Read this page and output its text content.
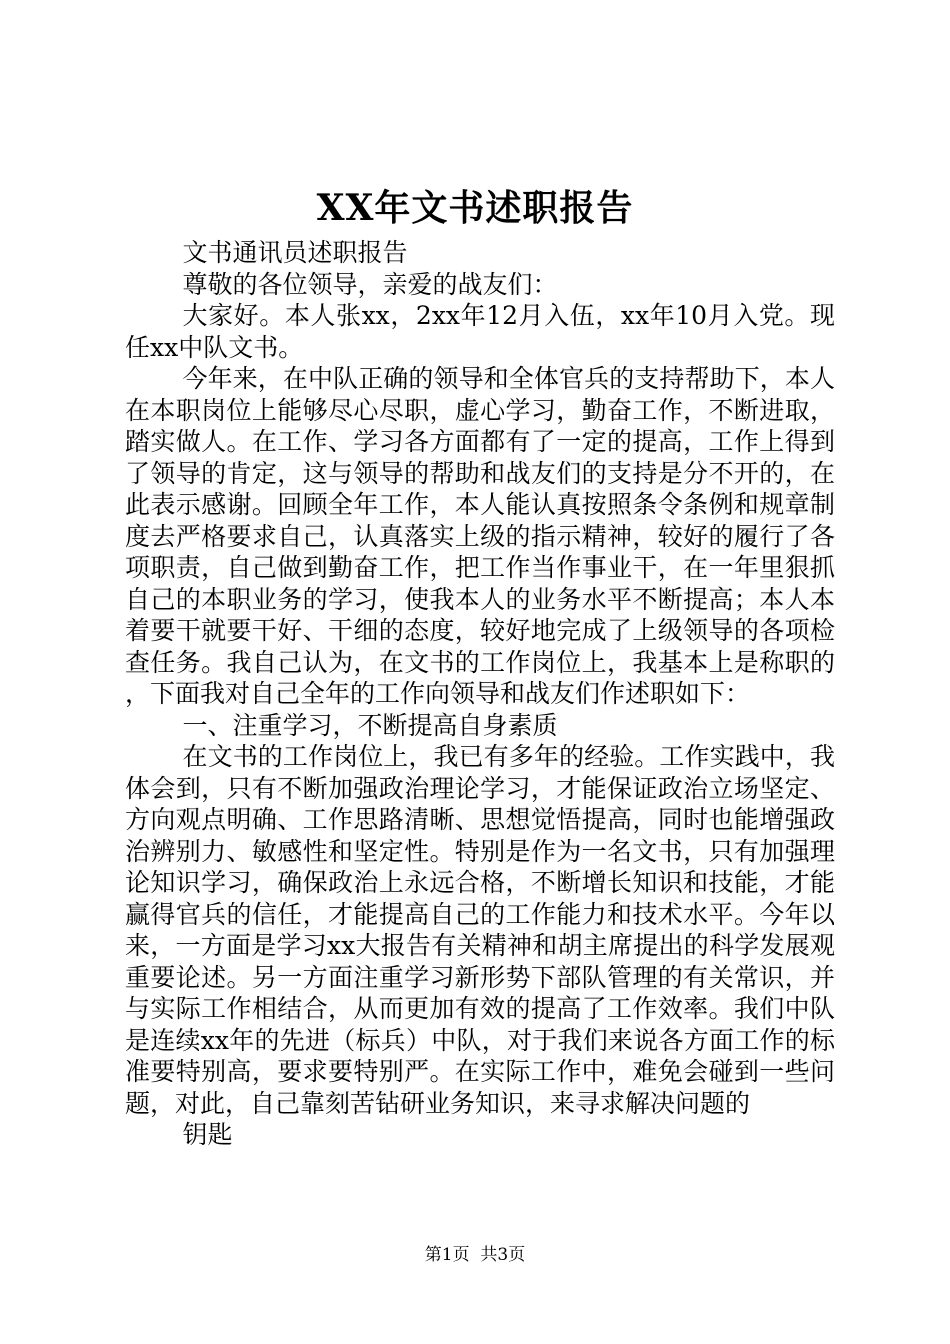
XX年文书述职报告

文书通讯员述职报告

尊敬的各位领导，亲爱的战友们：

大家好。本人张xx，2xx年12月入伍，xx年10月入党。现任xx中队文书。

今年来，在中队正确的领导和全体官兵的支持帮助下，本人在本职岗位上能够尽心尽职，虚心学习，勤奋工作，不断进取，踏实做人。在工作、学习各方面都有了一定的提高，工作上得到了领导的肯定，这与领导的帮助和战友们的支持是分不开的，在此表示感谢。回顾全年工作，本人能认真按照条令条例和规章制度去严格要求自己，认真落实上级的指示精神，较好的履行了各项职责，自己做到勤奋工作，把工作当作事业干，在一年里狠抓自己的本职业务的学习，使我本人的业务水平不断提高；本人本着要干就要干好、干细的态度，较好地完成了上级领导的各项检查任务。我自己认为，在文书的工作岗位上，我基本上是称职的，下面我对自己全年的工作向领导和战友们作述职如下：

一、注重学习，不断提高自身素质

在文书的工作岗位上，我已有多年的经验。工作实践中，我体会到，只有不断加强政治理论学习，才能保证政治立场坚定、方向观点明确、工作思路清晰、思想觉悟提高，同时也能增强政治辨别力、敏感性和坚定性。特别是作为一名文书，只有加强理论知识学习，确保政治上永远合格，不断增长知识和技能，才能赢得官兵的信任，才能提高自己的工作能力和技术水平。今年以来，一方面是学习xx大报告有关精神和胡主席提出的科学发展观重要论述。另一方面注重学习新形势下部队管理的有关常识，并与实际工作相结合，从而更加有效的提高了工作效率。我们中队是连续xx年的先进（标兵）中队，对于我们来说各方面工作的标准要特别高，要求要特别严。在实际工作中，难免会碰到一些问题，对此，自己靠刻苦钻研业务知识，来寻求解决问题的

钥匙

第1页  共3页
